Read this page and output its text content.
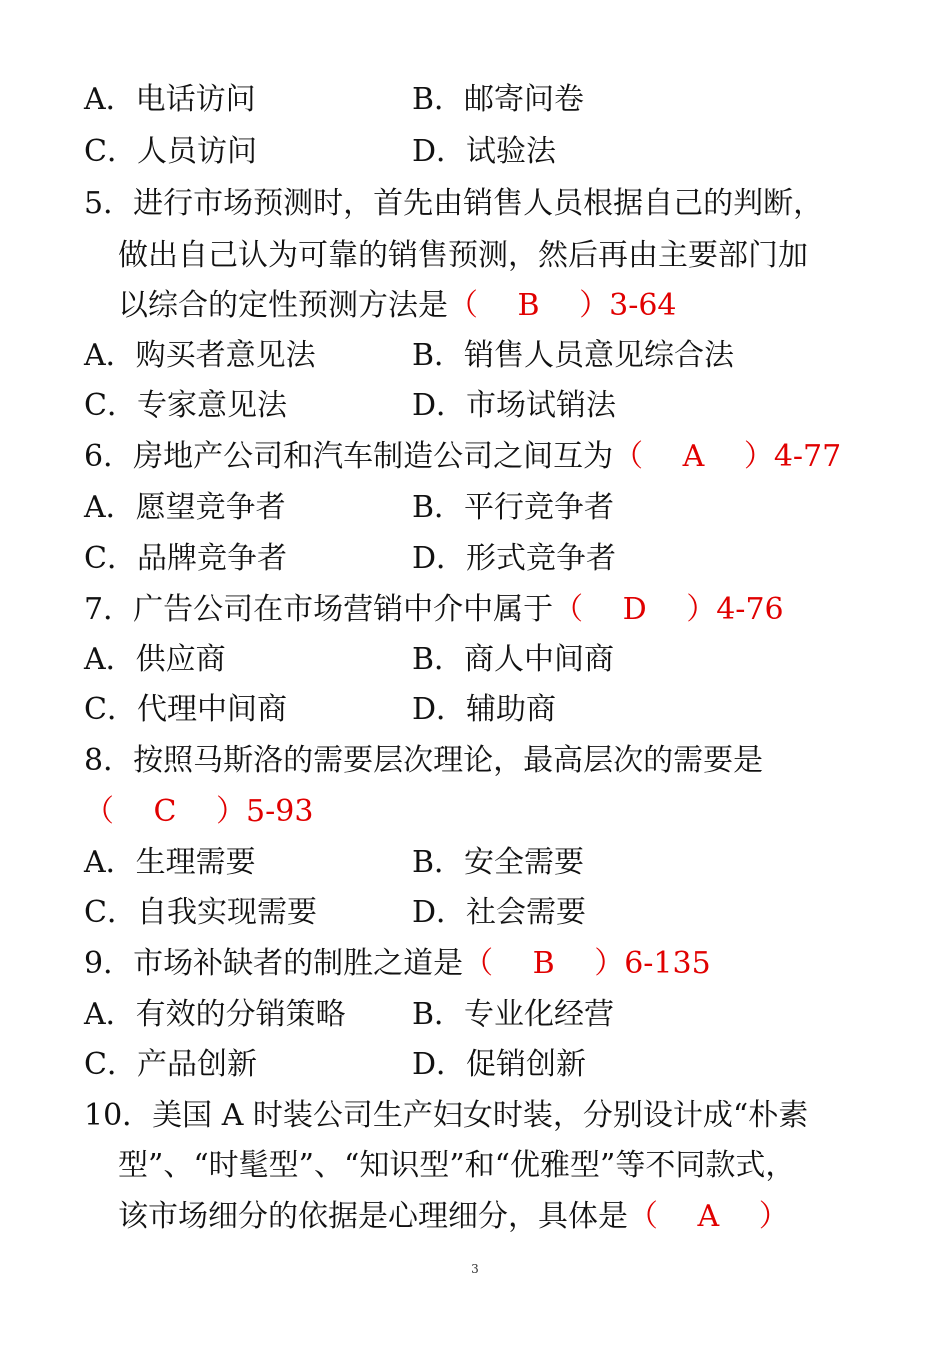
A．电话访问	B．邮寄问卷
C．人员访问	D．试验法
5．进行市场预测时，首先由销售人员根据自己的判断，
做出自己认为可靠的销售预测，然后再由主要部门加
以综合的定性预测方法是（　 B　 ）3-64
A．购买者意见法	B．销售人员意见综合法
C．专家意见法	D．市场试销法
6．房地产公司和汽车制造公司之间互为（　 A　 ）4-77
A．愿望竞争者	B．平行竞争者
C．品牌竞争者	D．形式竞争者
7．广告公司在市场营销中介中属于（　 D　 ）4-76
A．供应商	B．商人中间商
C．代理中间商	D．辅助商
8．按照马斯洛的需要层次理论，最高层次的需要是
（　 C　 ）5-93
A．生理需要	B．安全需要
C．自我实现需要	D．社会需要
9．市场补缺者的制胜之道是（　 B　 ）6-135
A．有效的分销策略 B．专业化经营
C．产品创新	D．促销创新
10．美国 A 时装公司生产妇女时装，分别设计成“朴素
型”、“时髦型”、“知识型”和“优雅型”等不同款式，
该市场细分的依据是心理细分，具体是（　 A　 ）
3
